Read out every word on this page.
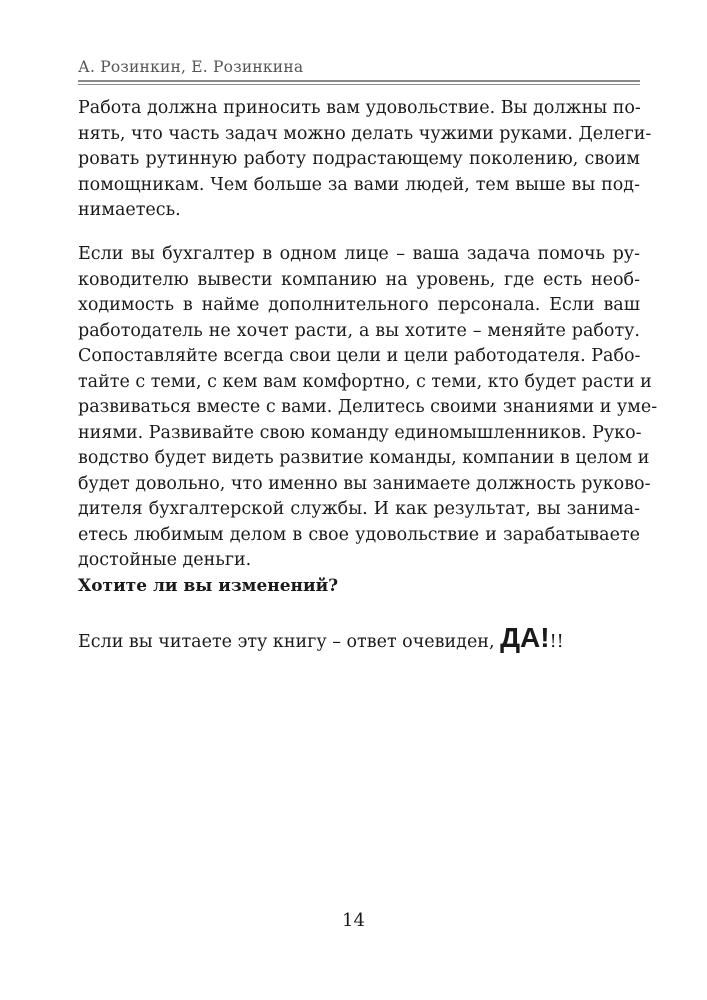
А. Розинкин, Е. Розинкина
Работа должна приносить вам удовольствие. Вы должны по-
нять, что часть задач можно делать чужими руками. Делеги-
ровать рутинную работу подрастающему поколению, своим
помощникам. Чем больше за вами людей, тем выше вы под-
нимаетесь.
Если вы бухгалтер в одном лице – ваша задача помочь ру-
ководителю вывести компанию на уровень, где есть необ-
ходимость в найме дополнительного персонала. Если ваш
работодатель не хочет расти, а вы хотите – меняйте работу.
Сопоставляйте всегда свои цели и цели работодателя. Рабо-
тайте с теми, с кем вам комфортно, с теми, кто будет расти и
развиваться вместе с вами. Делитесь своими знаниями и уме-
ниями. Развивайте свою команду единомышленников. Руко-
водство будет видеть развитие команды, компании в целом и
будет довольно, что именно вы занимаете должность руково-
дителя бухгалтерской службы. И как результат, вы занима-
етесь любимым делом в свое удовольствие и зарабатываете
достойные деньги.

Хотите ли вы изменений?

Если вы читаете эту книгу – ответ очевиден, ДА!!!

14
